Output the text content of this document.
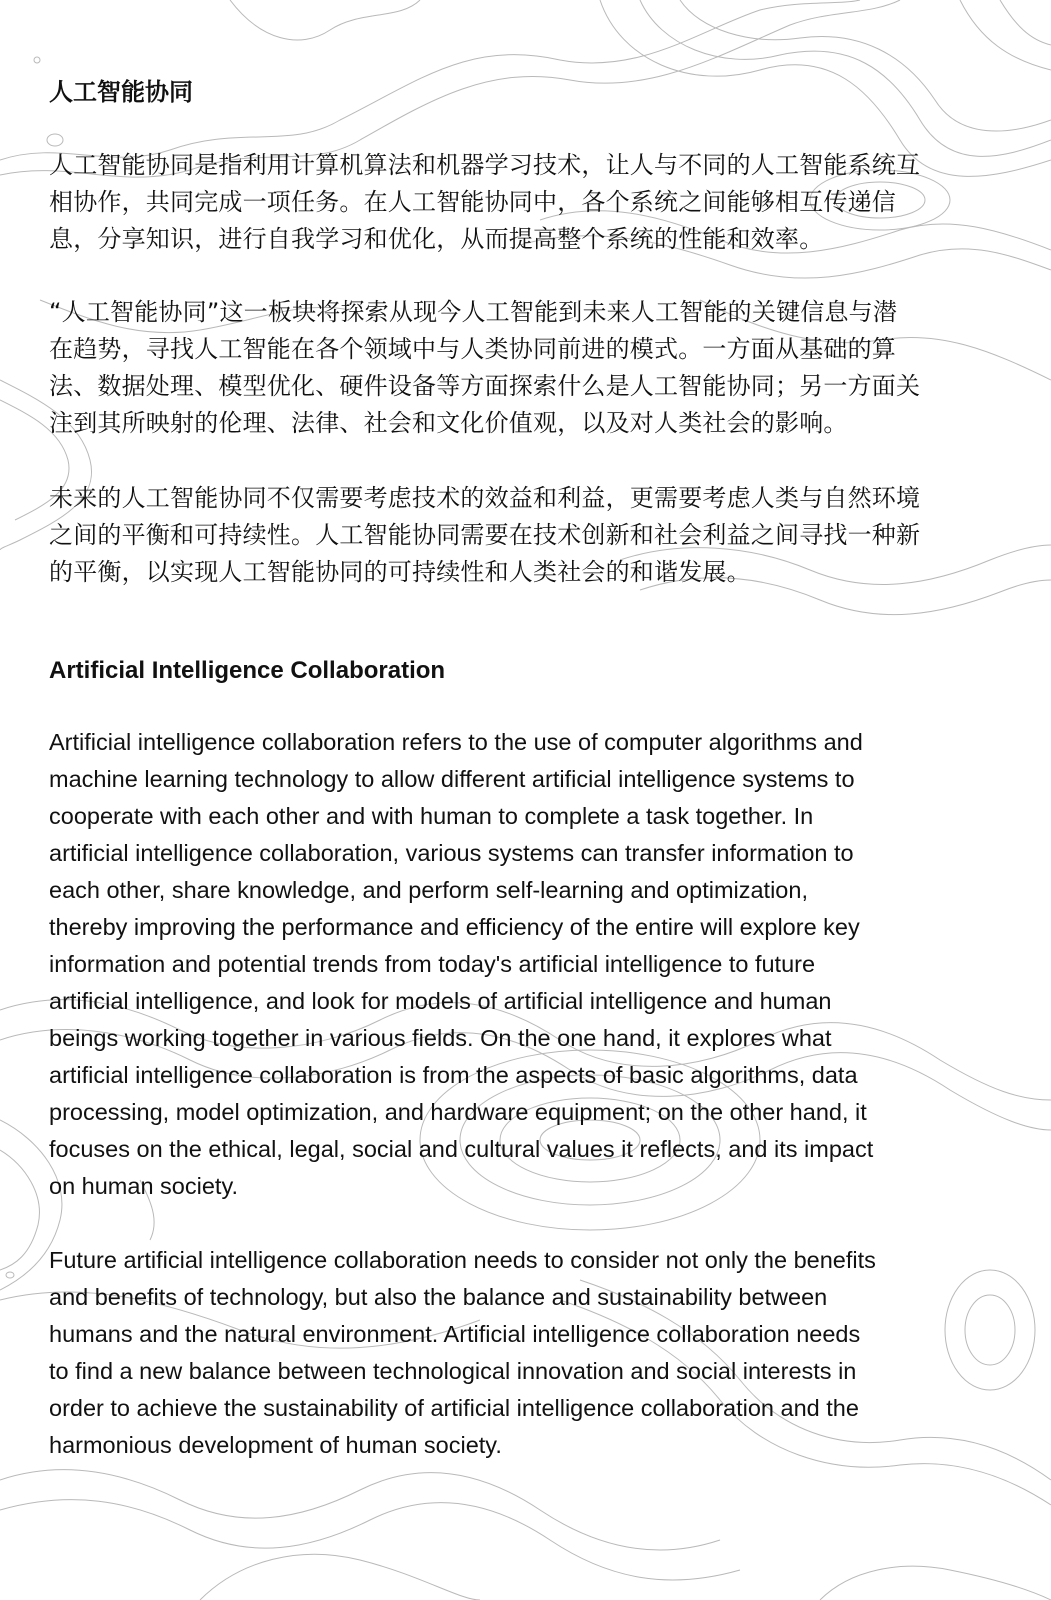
人工智能协同

人工智能协同是指利用计算机算法和机器学习技术，让人与不同的人工智能系统互
相协作，共同完成一项任务。在人工智能协同中，各个系统之间能够相互传递信
息，分享知识，进行自我学习和优化，从而提高整个系统的性能和效率。

“人工智能协同”这一板块将探索从现今人工智能到未来人工智能的关键信息与潜
在趋势，寻找人工智能在各个领域中与人类协同前进的模式。一方面从基础的算
法、数据处理、模型优化、硬件设备等方面探索什么是人工智能协同；另一方面关
注到其所映射的伦理、法律、社会和文化价值观，以及对人类社会的影响。

未来的人工智能协同不仅需要考虑技术的效益和利益，更需要考虑人类与自然环境
之间的平衡和可持续性。人工智能协同需要在技术创新和社会利益之间寻找一种新
的平衡，以实现人工智能协同的可持续性和人类社会的和谐发展。

Artificial Intelligence Collaboration

Artificial intelligence collaboration refers to the use of computer algorithms and
machine learning technology to allow different artificial intelligence systems to
cooperate with each other and with human to complete a task together. In
artificial intelligence collaboration, various systems can transfer information to
each other, share knowledge, and perform self-learning and optimization,
thereby improving the performance and efficiency of the entire will explore key
information and potential trends from today's artificial intelligence to future
artificial intelligence, and look for models of artificial intelligence and human
beings working together in various fields. On the one hand, it explores what
artificial intelligence collaboration is from the aspects of basic algorithms, data
processing, model optimization, and hardware equipment; on the other hand, it
focuses on the ethical, legal, social and cultural values it reflects, and its impact
on human society.

Future artificial intelligence collaboration needs to consider not only the benefits
and benefits of technology, but also the balance and sustainability between
humans and the natural environment. Artificial intelligence collaboration needs
to find a new balance between technological innovation and social interests in
order to achieve the sustainability of artificial intelligence collaboration and the
harmonious development of human society.
